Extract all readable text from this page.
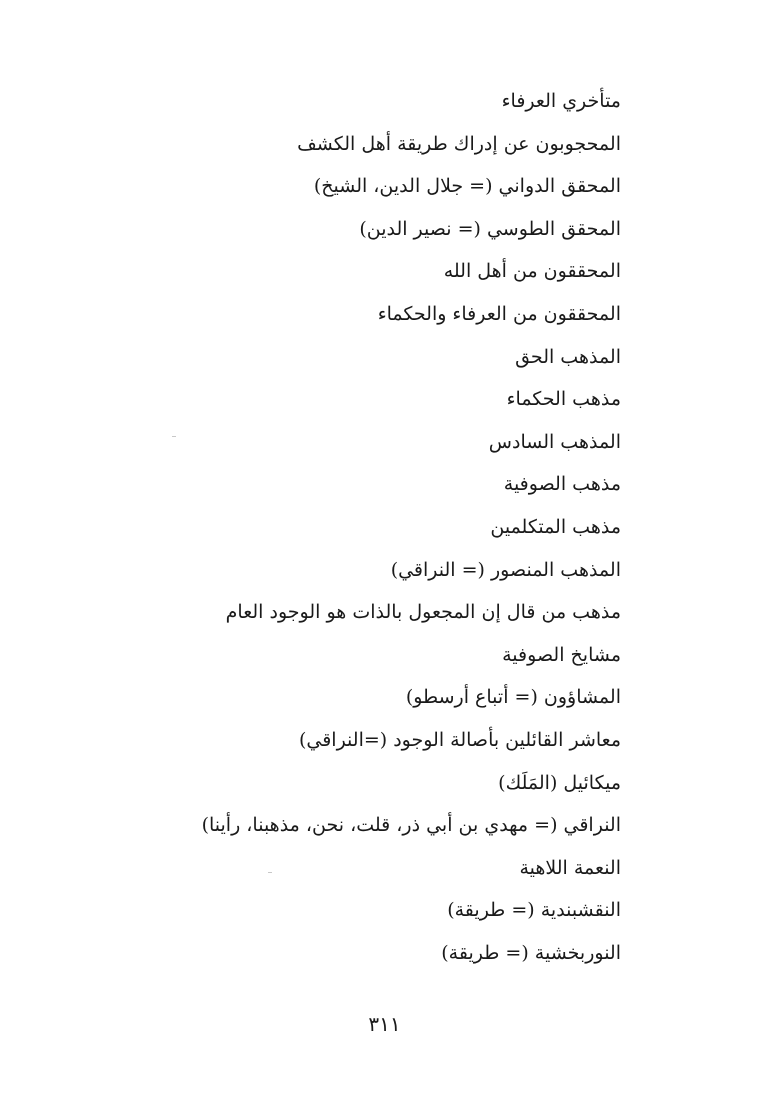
متأخري العرفاء
المحجوبون عن إدراك طريقة أهل الكشف
المحقق الدواني (= جلال الدين، الشيخ)
المحقق الطوسي (= نصير الدين)
المحققون من أهل الله
المحققون من العرفاء والحكماء
المذهب الحق
مذهب الحكماء
المذهب السادس
مذهب الصوفية
مذهب المتكلمين
المذهب المنصور (= النراقي)
مذهب من قال إن المجعول بالذات هو الوجود العام
مشايخ الصوفية
المشاؤون (= أتباع أرسطو)
معاشر القائلين بأصالة الوجود (=النراقي)
ميكائيل (المَلَك)
النراقي (= مهدي بن أبي ذر، قلت، نحن، مذهبنا، رأينا)
النعمة اللاهية
النقشبندية (= طريقة)
النوربخشية (= طريقة)
٣١١
